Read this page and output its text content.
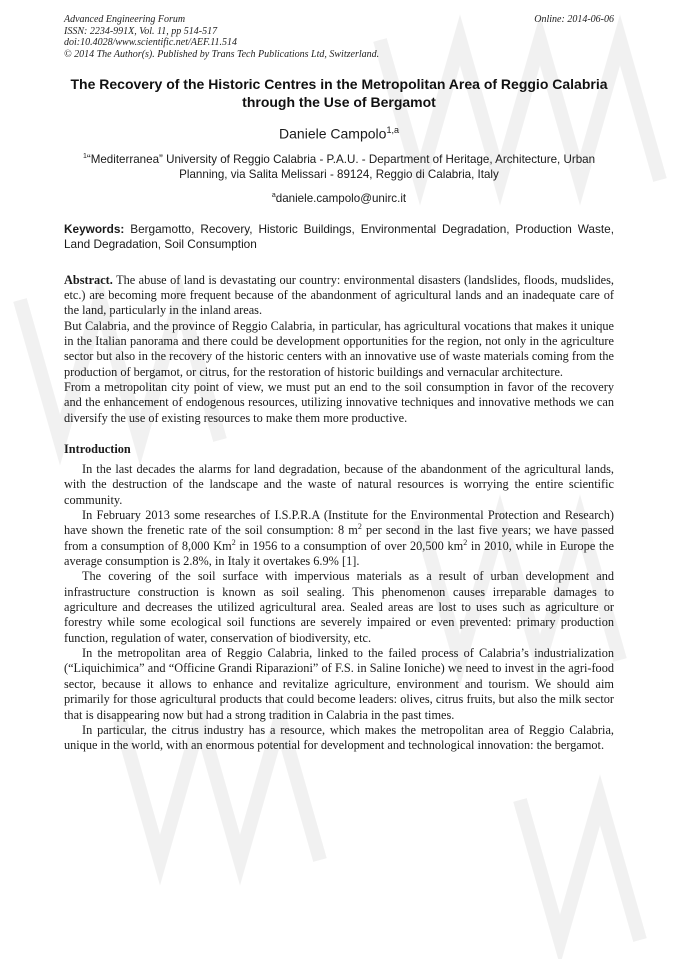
Advanced Engineering Forum
ISSN: 2234-991X, Vol. 11, pp 514-517
doi:10.4028/www.scientific.net/AEF.11.514
© 2014 The Author(s). Published by Trans Tech Publications Ltd, Switzerland.
Online: 2014-06-06
The Recovery of the Historic Centres in the Metropolitan Area of Reggio Calabria through the Use of Bergamot
Daniele Campolo$^{1,a}$
$^1$“Mediterranea” University of Reggio Calabria - P.A.U. - Department of Heritage, Architecture, Urban Planning, via Salita Melissari - 89124, Reggio di Calabria, Italy
$^a$daniele.campolo@unirc.it
Keywords: Bergamotto, Recovery, Historic Buildings, Environmental Degradation, Production Waste, Land Degradation, Soil Consumption

Abstract. The abuse of land is devastating our country: environmental disasters (landslides, floods, mudslides, etc.) are becoming more frequent because of the abandonment of agricultural lands and an inadequate care of the land, particularly in the inland areas.

But Calabria, and the province of Reggio Calabria, in particular, has agricultural vocations that makes it unique in the Italian panorama and there could be development opportunities for the region, not only in the agriculture sector but also in the recovery of the historic centers with an innovative use of waste materials coming from the production of bergamot, or citrus, for the restoration of historic buildings and vernacular architecture.

From a metropolitan city point of view, we must put an end to the soil consumption in favor of the recovery and the enhancement of endogenous resources, utilizing innovative techniques and innovative methods we can diversify the use of existing resources to make them more productive.

Introduction

In the last decades the alarms for land degradation, because of the abandonment of the agricultural lands, with the destruction of the landscape and the waste of natural resources is worrying the entire scientific community.

In February 2013 some researches of I.S.P.R.A (Institute for the Environmental Protection and Research) have shown the frenetic rate of the soil consumption: 8 $m^2$ per second in the last five years; we have passed from a consumption of 8,000 Km$^2$ in 1956 to a consumption of over 20,500 $km^2$ in 2010, while in Europe the average consumption is 2.8%, in Italy it overtakes 6.9% [1].

The covering of the soil surface with impervious materials as a result of urban development and infrastructure construction is known as soil sealing. This phenomenon causes irreparable damages to agriculture and decreases the utilized agricultural area. Sealed areas are lost to uses such as agriculture or forestry while some ecological soil functions are severely impaired or even prevented: primary production function, regulation of water, conservation of biodiversity, etc.

In the metropolitan area of Reggio Calabria, linked to the failed process of Calabria’s industrialization (“Liquichimica” and “Officine Grandi Riparazioni” of F.S. in Saline Ioniche) we need to invest in the agri-food sector, because it allows to enhance and revitalize agriculture, environment and tourism. We should aim primarily for those agricultural products that could become leaders: olives, citrus fruits, but also the milk sector that is disappearing now but had a strong tradition in Calabria in the past times.

In particular, the citrus industry has a resource, which makes the metropolitan area of Reggio Calabria, unique in the world, with an enormous potential for development and technological innovation: the bergamot.
